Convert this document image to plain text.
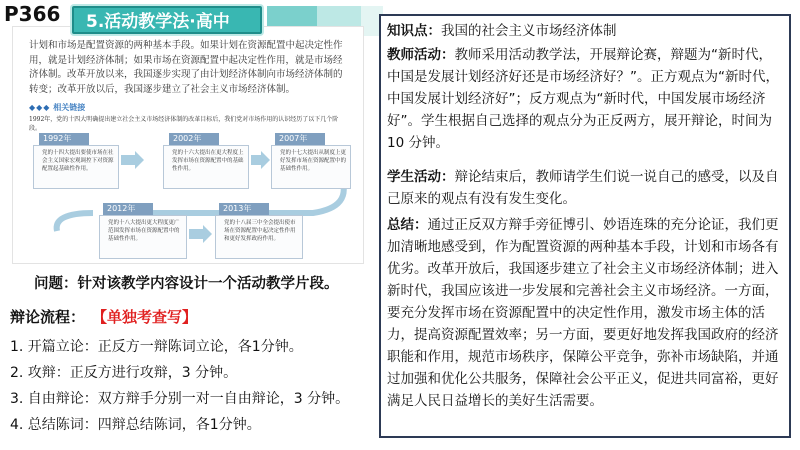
P366

计划和市场是配置资源的两种基本手段。如果计划在资源配置中起决定性作用，就是计划经济体制；如果市场在资源配置中起决定性作用，就是市场经济体制。改革开放以来，我国逐步实现了由计划经济体制向市场经济体制的转变；改革开放以后，我国逐步建立了社会主义市场经济体制。

◆◆◆ 相关链接

1992年，党的十四大明确提出建立社会主义市场经济体制的改革目标后，我们党对市场作用的认识经历了以下几个阶段。

1992年
党的十四大提出要使市场在社会主义国家宏观调控下对资源配置起基础性作用。
2002年
党的十六大提出在更大程度上发挥市场在资源配置中的基础性作用。
2007年
党的十七大提出从制度上更好发挥市场在资源配置中的基础性作用。
2012年
党的十八大提出更大程度更广范围发挥市场在资源配置中的基础性作用。
2013年
党的十八届三中全会提出使市场在资源配置中起决定性作用和更好发挥政府作用。
5.活动教学法·高中
问题：针对该教学内容设计一个活动教学片段。
辩论流程： 【单独考查写】
1. 开篇立论：正反方一辩陈词立论，各1分钟。
2. 攻辩：正反方进行攻辩，3 分钟。
3. 自由辩论：双方辩手分别一对一自由辩论，3 分钟。
4. 总结陈词：四辩总结陈词，各1分钟。

知识点：我国的社会主义市场经济体制

教师活动：教师采用活动教学法，开展辩论赛，辩题为“新时代，中国是发展计划经济好还是市场经济好？”。正方观点为“新时代，中国发展计划经济好”；反方观点为“新时代，中国发展市场经济好”。学生根据自己选择的观点分为正反两方，展开辩论，时间为10 分钟。

学生活动：辩论结束后，教师请学生们说一说自己的感受，以及自己原来的观点有没有发生变化。

总结：通过正反双方辩手旁征博引、妙语连珠的充分论证，我们更加清晰地感受到，作为配置资源的两种基本手段，计划和市场各有优劣。改革开放后，我国逐步建立了社会主义市场经济体制；进入新时代，我国应该进一步发展和完善社会主义市场经济。一方面，要充分发挥市场在资源配置中的决定性作用，激发市场主体的活力，提高资源配置效率；另一方面，要更好地发挥我国政府的经济职能和作用，规范市场秩序，保障公平竞争，弥补市场缺陷，并通过加强和优化公共服务，保障社会公平正义，促进共同富裕，更好满足人民日益增长的美好生活需要。
